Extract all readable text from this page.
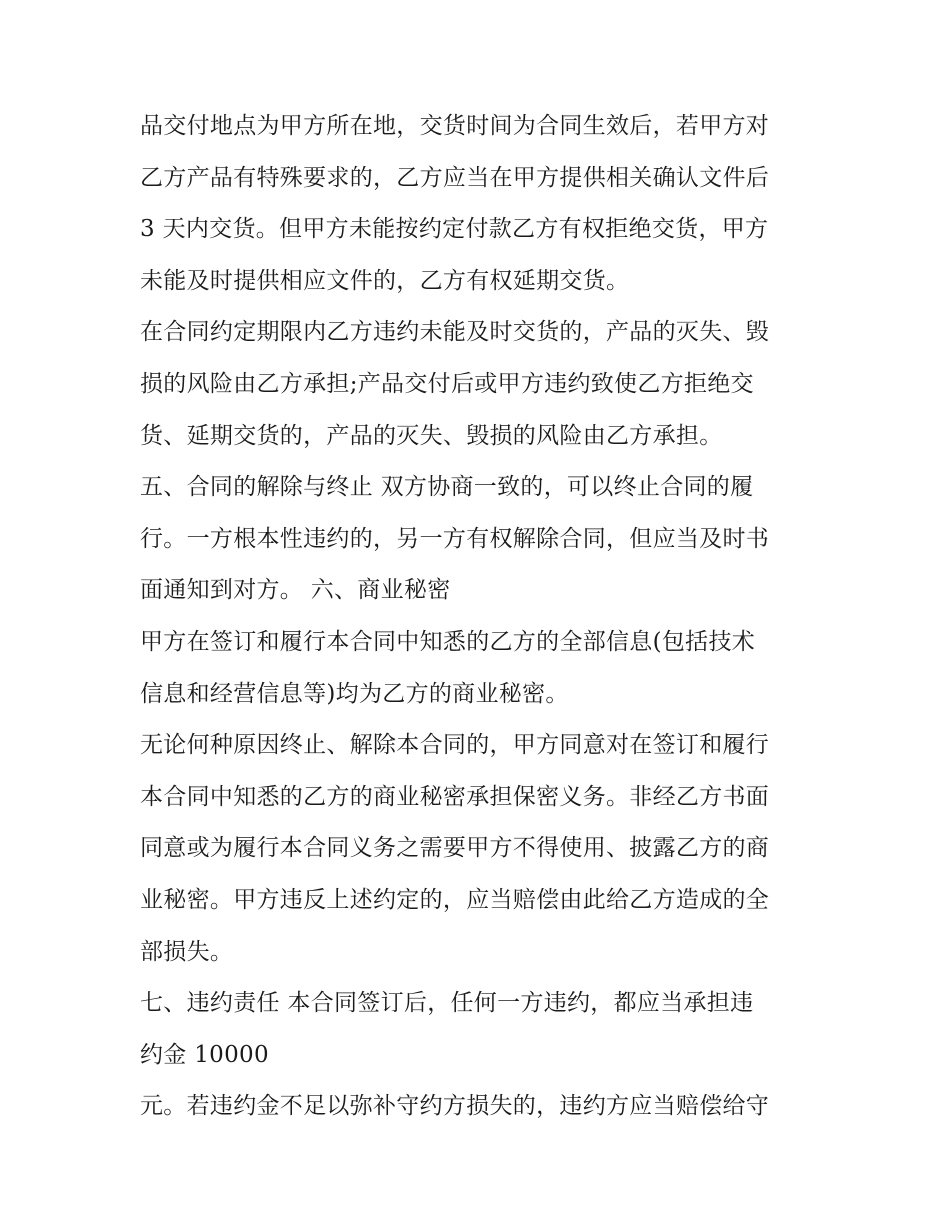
品交付地点为甲方所在地，交货时间为合同生效后，若甲方对
乙方产品有特殊要求的，乙方应当在甲方提供相关确认文件后
3 天内交货。但甲方未能按约定付款乙方有权拒绝交货，甲方
未能及时提供相应文件的，乙方有权延期交货。
在合同约定期限内乙方违约未能及时交货的，产品的灭失、毁
损的风险由乙方承担;产品交付后或甲方违约致使乙方拒绝交
货、延期交货的，产品的灭失、毁损的风险由乙方承担。
五、合同的解除与终止 双方协商一致的，可以终止合同的履
行。一方根本性违约的，另一方有权解除合同，但应当及时书
面通知到对方。 六、商业秘密
甲方在签订和履行本合同中知悉的乙方的全部信息(包括技术
信息和经营信息等)均为乙方的商业秘密。
无论何种原因终止、解除本合同的，甲方同意对在签订和履行
本合同中知悉的乙方的商业秘密承担保密义务。非经乙方书面
同意或为履行本合同义务之需要甲方不得使用、披露乙方的商
业秘密。甲方违反上述约定的，应当赔偿由此给乙方造成的全
部损失。
七、违约责任 本合同签订后，任何一方违约，都应当承担违
约金 10000
元。若违约金不足以弥补守约方损失的，违约方应当赔偿给守
